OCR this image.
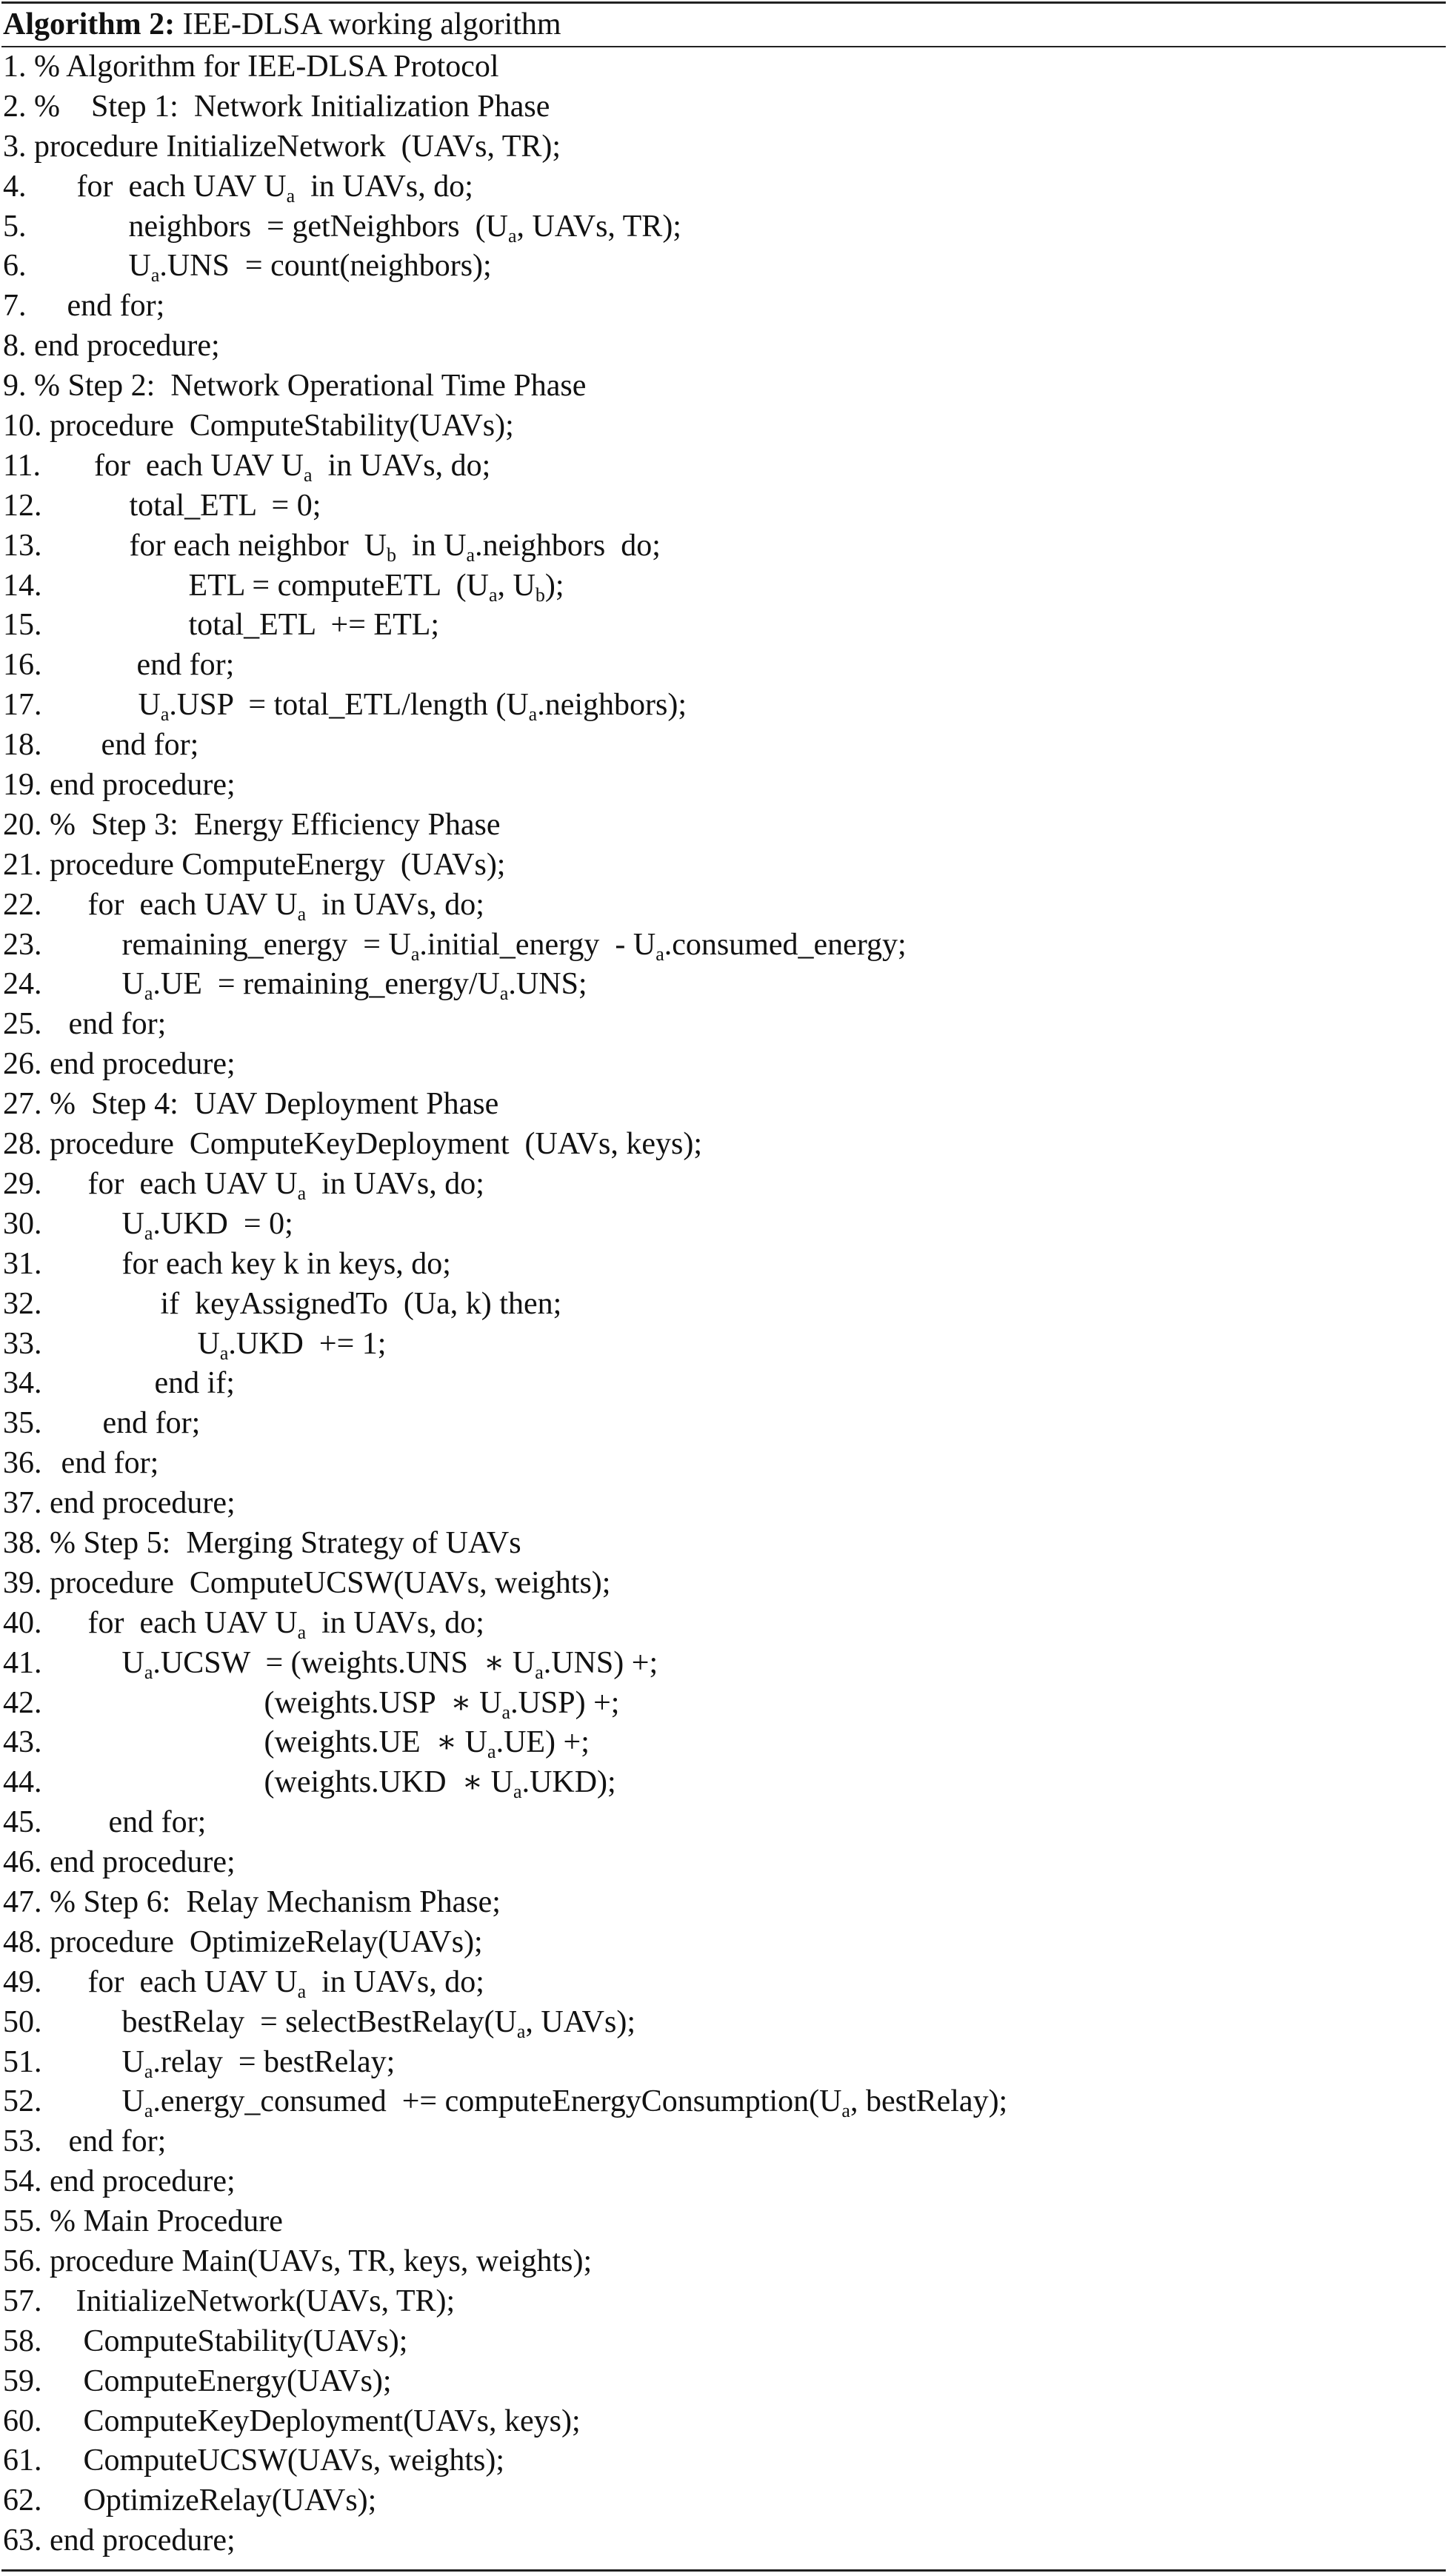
Algorithm 2: IEE-DLSA working algorithm
1. % Algorithm for IEE-DLSA Protocol
2. %    Step 1:  Network Initialization Phase
3. procedure InitializeNetwork  (UAVs, TR);
4. for  each UAV $U_a$  in UAVs, do;
5.	neighbors  = getNeighbors  ($U_a$, UAVs, TR);
6.	$U_a.UNS$  = count(neighbors);
7. end for;
8. end procedure;
9. % Step 2:  Network Operational Time Phase
10. procedure  ComputeStability(UAVs);
11. for  each UAV $U_a$  in UAVs, do;
12.	total_ETL  = 0;
13.	for each neighbor  $U_b$  in $U_a.neighbors$  do;
14.	ETL = computeETL  ($U_a$, $U_b$);
15.	total_ETL  += ETL;
16.	end for;
17.	$U_a.USP$  = total_ETL/length $(U_a.neighbors)$;
18. end for;
19. end procedure;
20. %  Step 3:  Energy Efficiency Phase
21. procedure ComputeEnergy  (UAVs);
22. for  each UAV $U_a$  in UAVs, do;
23.	remaining_energy  = $U_a.initial\_energy$  - $U_a.consumed\_energy$;
24.	$U_a.UE$  = $remaining\_energy/U_a.UNS$;
25. end for;
26. end procedure;
27. %  Step 4:  UAV Deployment Phase
28. procedure  ComputeKeyDeployment  (UAVs, keys);
29. for  each UAV $U_a$  in UAVs, do;
30.	$U_a.UKD = 0$;
31.	for each key k in keys, do;
32.	if  keyAssignedTo  (Ua, k) then;
33.	$U_a.UKD += 1$;
34.	end if;
35. end for;
36. end for;
37. end procedure;
38. % Step 5:  Merging Strategy of UAVs
39. procedure  ComputeUCSW(UAVs, weights);
40. for  each UAV $U_a$  in UAVs, do;
41.	$U_a.UCSW$  = (weights.UNS  ∗ $U_a.UNS$) +;
42.	(weights.USP  ∗ $U_a.USP$) +;
43.	(weights.UE  ∗ $U_a.UE$) +;
44.	(weights.UKD  ∗ $U_a.UKD$);
45. end for;
46. end procedure;
47. % Step 6:  Relay Mechanism Phase;
48. procedure  OptimizeRelay(UAVs);
49. for  each UAV $U_a$  in UAVs, do;
50.	bestRelay  = $selectBestRelay(U_a$, UAVs);
51.	$U_a.relay$  = bestRelay;
52.	$U_a.energy\_consumed$  += $computeEnergyConsumption(U_a$, bestRelay);
53. end for;
54. end procedure;
55. % Main Procedure
56. procedure Main(UAVs, TR, keys, weights);
57. InitializeNetwork(UAVs, TR);
58. ComputeStability(UAVs);
59. ComputeEnergy(UAVs);
60. ComputeKeyDeployment(UAVs, keys);
61. ComputeUCSW(UAVs, weights);
62. OptimizeRelay(UAVs);
63. end procedure;
